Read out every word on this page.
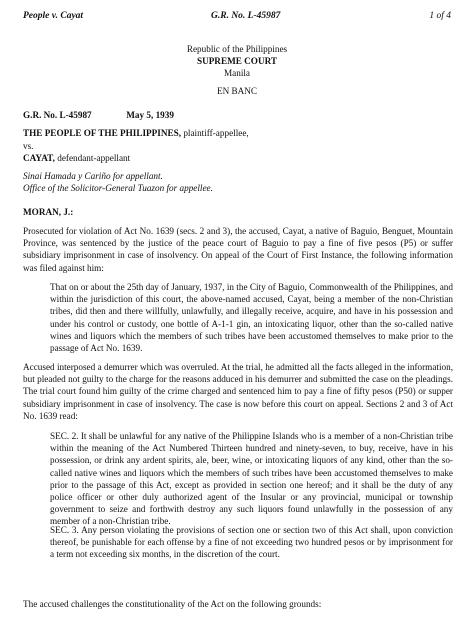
People v. Cayat	G.R. No. L-45987	1 of 4
Republic of the Philippines
SUPREME COURT
Manila
EN BANC
G.R. No. L-45987	May 5, 1939
THE PEOPLE OF THE PHILIPPINES, plaintiff-appellee,
vs.
CAYAT, defendant-appellant
Sinai Hamada y Cariño for appellant.
Office of the Solicitor-General Tuazon for appellee.
MORAN, J.:

Prosecuted for violation of Act No. 1639 (secs. 2 and 3), the accused, Cayat, a native of Baguio, Benguet, Mountain Province, was sentenced by the justice of the peace court of Baguio to pay a fine of five pesos (P5) or suffer subsidiary imprisonment in case of insolvency. On appeal of the Court of First Instance, the following information was filed against him:

That on or about the 25th day of January, 1937, in the City of Baguio, Commonwealth of the Philippines, and within the jurisdiction of this court, the above-named accused, Cayat, being a member of the non-Christian tribes, did then and there willfully, unlawfully, and illegally receive, acquire, and have in his possession and under his control or custody, one bottle of A-1-1 gin, an intoxicating liquor, other than the so-called native wines and liquors which the members of such tribes have been accustomed themselves to make prior to the passage of Act No. 1639.

Accused interposed a demurrer which was overruled. At the trial, he admitted all the facts alleged in the information, but pleaded not guilty to the charge for the reasons adduced in his demurrer and submitted the case on the pleadings. The trial court found him guilty of the crime charged and sentenced him to pay a fine of fifty pesos (P50) or supper subsidiary imprisonment in case of insolvency. The case is now before this court on appeal. Sections 2 and 3 of Act No. 1639 read:

SEC. 2. It shall be unlawful for any native of the Philippine Islands who is a member of a non-Christian tribe within the meaning of the Act Numbered Thirteen hundred and ninety-seven, to buy, receive, have in his possession, or drink any ardent spirits, ale, beer, wine, or intoxicating liquors of any kind, other than the so-called native wines and liquors which the members of such tribes have been accustomed themselves to make prior to the passage of this Act, except as provided in section one hereof; and it shall be the duty of any police officer or other duly authorized agent of the Insular or any provincial, municipal or township government to seize and forthwith destroy any such liquors found unlawfully in the possession of any member of a non-Christian tribe.

SEC. 3. Any person violating the provisions of section one or section two of this Act shall, upon conviction thereof, be punishable for each offense by a fine of not exceeding two hundred pesos or by imprisonment for a term not exceeding six months, in the discretion of the court.

The accused challenges the constitutionality of the Act on the following grounds:
